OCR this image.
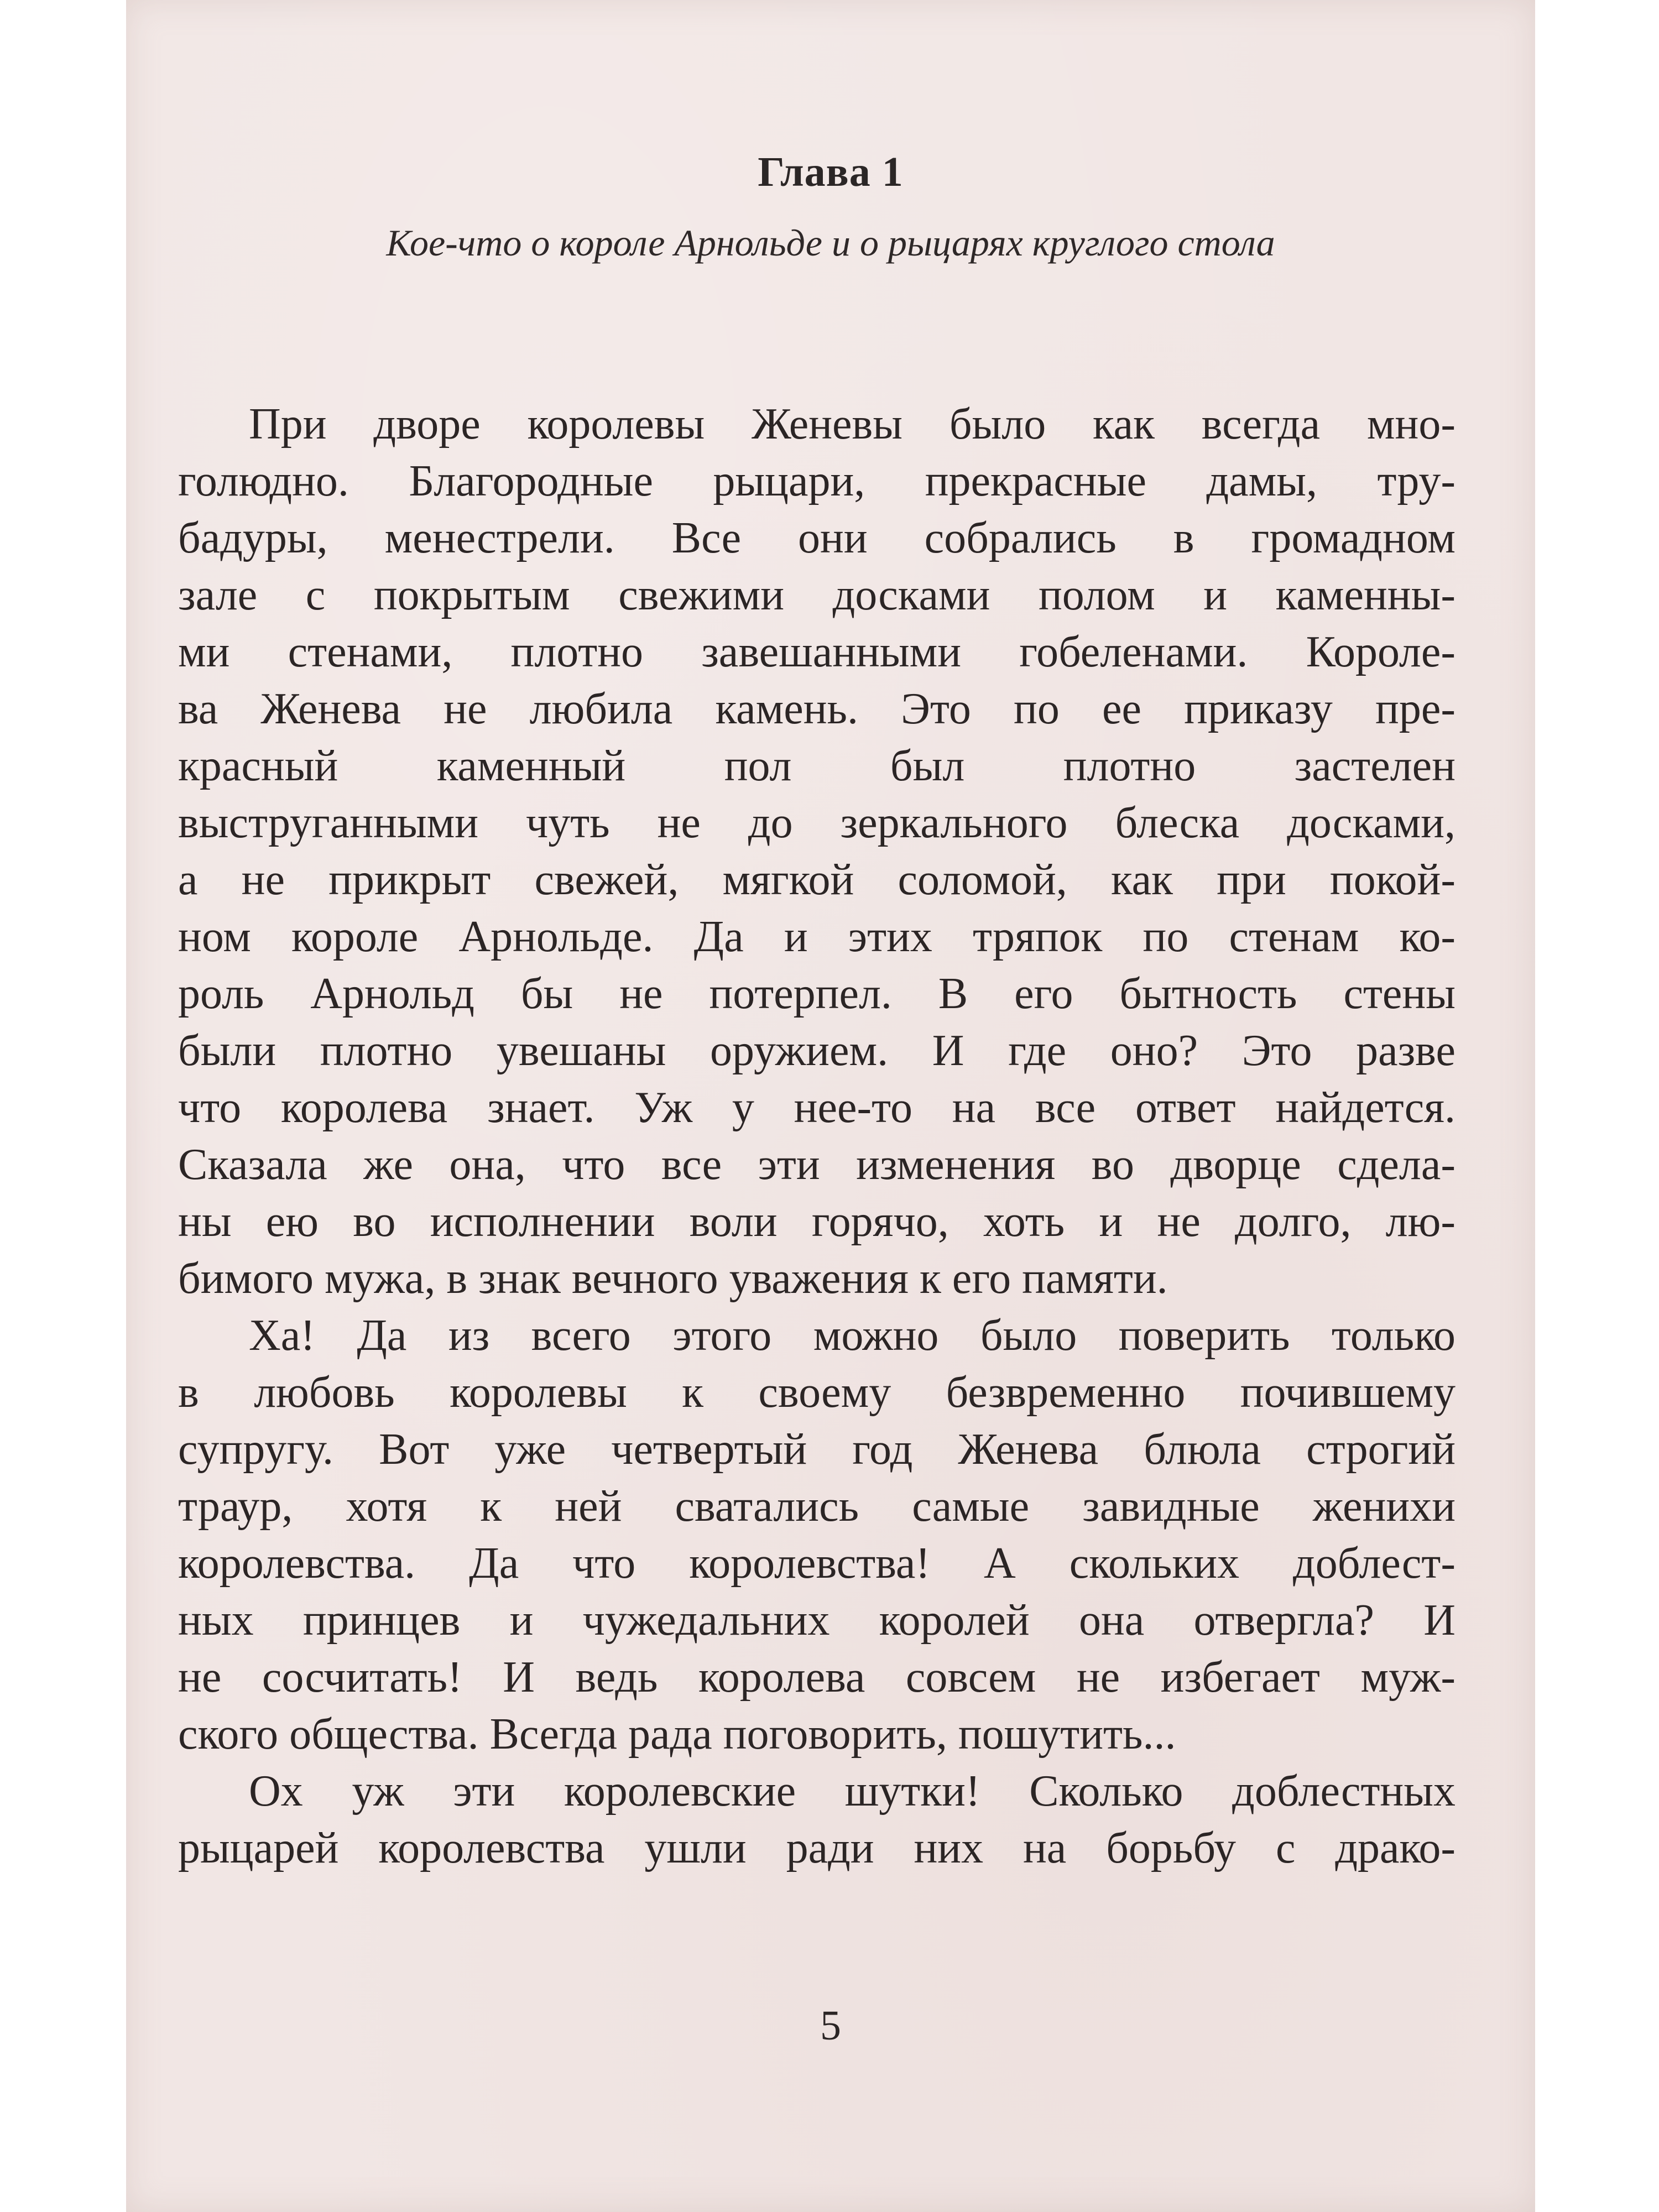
Глава 1
Кое-что о короле Арнольде и о рыцарях круглого стола
При дворе королевы Женевы было как всегда мно-
голюдно. Благородные рыцари, прекрасные дамы, тру-
бадуры, менестрели. Все они собрались в громадном
зале с покрытым свежими досками полом и каменны-
ми стенами, плотно завешанными гобеленами. Короле-
ва Женева не любила камень. Это по ее приказу пре-
красный каменный пол был плотно застелен
выструганными чуть не до зеркального блеска досками,
а не прикрыт свежей, мягкой соломой, как при покой-
ном короле Арнольде. Да и этих тряпок по стенам ко-
роль Арнольд бы не потерпел. В его бытность стены
были плотно увешаны оружием. И где оно? Это разве
что королева знает. Уж у нее-то на все ответ найдется.
Сказала же она, что все эти изменения во дворце сдела-
ны ею во исполнении воли горячо, хоть и не долго, лю-
бимого мужа, в знак вечного уважения к его памяти.
Ха! Да из всего этого можно было поверить только
в любовь королевы к своему безвременно почившему
супругу. Вот уже четвертый год Женева блюла строгий
траур, хотя к ней сватались самые завидные женихи
королевства. Да что королевства! А скольких доблест-
ных принцев и чужедальних королей она отвергла? И
не сосчитать! И ведь королева совсем не избегает муж-
ского общества. Всегда рада поговорить, пошутить...
Ох уж эти королевские шутки! Сколько доблестных
рыцарей королевства ушли ради них на борьбу с драко-
5
